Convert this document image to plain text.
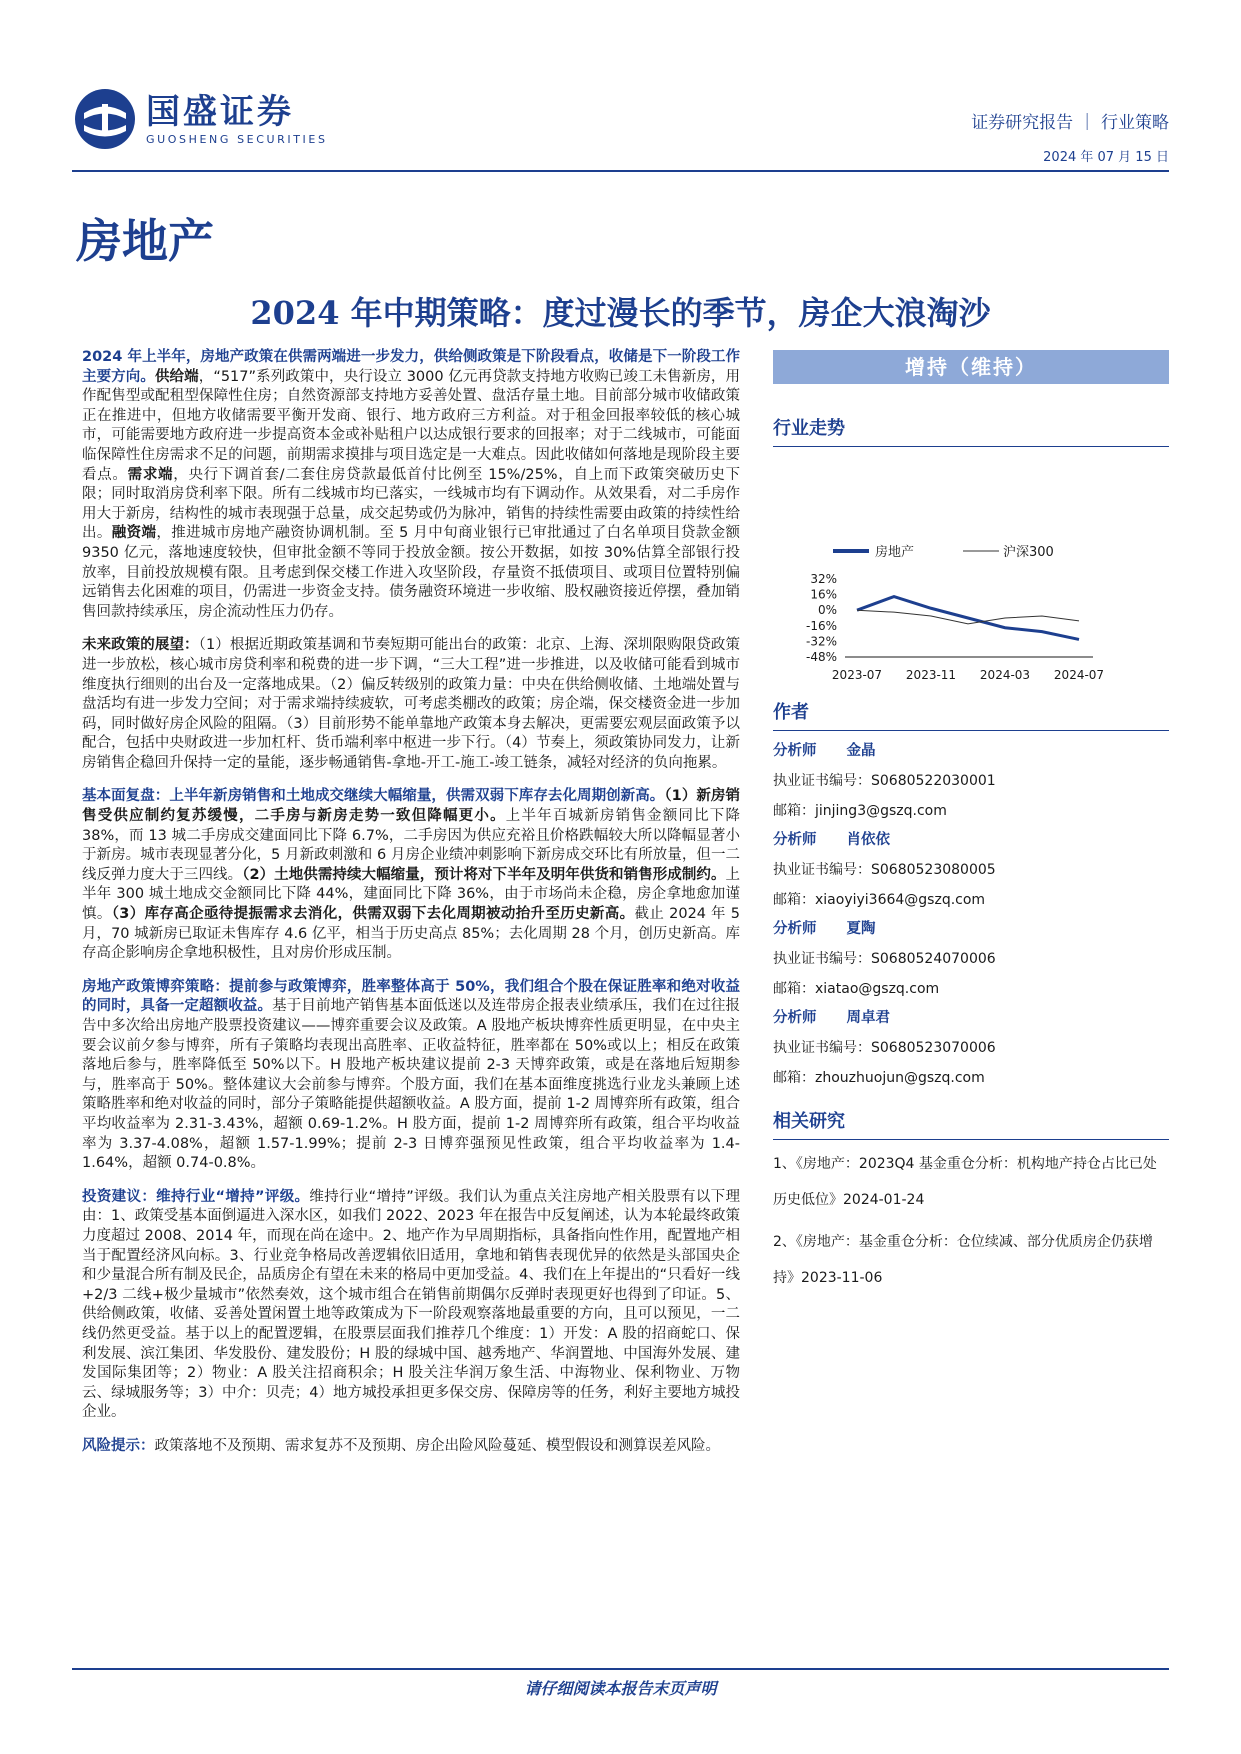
国盛证券
GUOSHENG SECURITIES
证券研究报告 ｜ 行业策略
2024 年 07 月 15 日
房地产
2024 年中期策略：度过漫长的季节，房企大浪淘沙

2024 年上半年，房地产政策在供需两端进一步发力，供给侧政策是下阶段看点，收储是下一阶段工作主要方向。供给端，“517”系列政策中，央行设立 3000 亿元再贷款支持地方收购已竣工未售新房，用作配售型或配租型保障性住房；自然资源部支持地方妥善处置、盘活存量土地。目前部分城市收储政策正在推进中，但地方收储需要平衡开发商、银行、地方政府三方利益。对于租金回报率较低的核心城市，可能需要地方政府进一步提高资本金或补贴租户以达成银行要求的回报率；对于二线城市，可能面临保障性住房需求不足的问题，前期需求摸排与项目选定是一大难点。因此收储如何落地是现阶段主要看点。需求端，央行下调首套/二套住房贷款最低首付比例至 15%/25%，自上而下政策突破历史下限；同时取消房贷利率下限。所有二线城市均已落实，一线城市均有下调动作。从效果看，对二手房作用大于新房，结构性的城市表现强于总量，成交起势或仍为脉冲，销售的持续性需要由政策的持续性给出。融资端，推进城市房地产融资协调机制。至 5 月中旬商业银行已审批通过了白名单项目贷款金额 9350 亿元，落地速度较快，但审批金额不等同于投放金额。按公开数据，如按 30%估算全部银行投放率，目前投放规模有限。且考虑到保交楼工作进入攻坚阶段，存量资不抵债项目、或项目位置特别偏远销售去化困难的项目，仍需进一步资金支持。债务融资环境进一步收缩、股权融资接近停摆，叠加销售回款持续承压，房企流动性压力仍存。

未来政策的展望：（1）根据近期政策基调和节奏短期可能出台的政策：北京、上海、深圳限购限贷政策进一步放松，核心城市房贷利率和税费的进一步下调，“三大工程”进一步推进，以及收储可能看到城市维度执行细则的出台及一定落地成果。（2）偏反转级别的政策力量：中央在供给侧收储、土地端处置与盘活均有进一步发力空间；对于需求端持续疲软，可考虑类棚改的政策；房企端，保交楼资金进一步加码，同时做好房企风险的阻隔。（3）目前形势不能单靠地产政策本身去解决，更需要宏观层面政策予以配合，包括中央财政进一步加杠杆、货币端利率中枢进一步下行。（4）节奏上，须政策协同发力，让新房销售企稳回升保持一定的量能，逐步畅通销售-拿地-开工-施工-竣工链条，减轻对经济的负向拖累。

基本面复盘：上半年新房销售和土地成交继续大幅缩量，供需双弱下库存去化周期创新高。（1）新房销售受供应制约复苏缓慢，二手房与新房走势一致但降幅更小。上半年百城新房销售金额同比下降 38%，而 13 城二手房成交建面同比下降 6.7%，二手房因为供应充裕且价格跌幅较大所以降幅显著小于新房。城市表现显著分化，5 月新政刺激和 6 月房企业绩冲刺影响下新房成交环比有所放量，但一二线反弹力度大于三四线。（2）土地供需持续大幅缩量，预计将对下半年及明年供货和销售形成制约。上半年 300 城土地成交金额同比下降 44%，建面同比下降 36%，由于市场尚未企稳，房企拿地愈加谨慎。（3）库存高企亟待提振需求去消化，供需双弱下去化周期被动抬升至历史新高。截止 2024 年 5 月，70 城新房已取证未售库存 4.6 亿平，相当于历史高点 85%；去化周期 28 个月，创历史新高。库存高企影响房企拿地积极性，且对房价形成压制。

房地产政策博弈策略：提前参与政策博弈，胜率整体高于 50%，我们组合个股在保证胜率和绝对收益的同时，具备一定超额收益。基于目前地产销售基本面低迷以及连带房企报表业绩承压，我们在过往报告中多次给出房地产股票投资建议——博弈重要会议及政策。A 股地产板块博弈性质更明显，在中央主要会议前夕参与博弈，所有子策略均表现出高胜率、正收益特征，胜率都在 50%或以上；相反在政策落地后参与，胜率降低至 50%以下。H 股地产板块建议提前 2-3 天博弈政策，或是在落地后短期参与，胜率高于 50%。整体建议大会前参与博弈。个股方面，我们在基本面维度挑选行业龙头兼顾上述策略胜率和绝对收益的同时，部分子策略能提供超额收益。A 股方面，提前 1-2 周博弈所有政策，组合平均收益率为 2.31-3.43%，超额 0.69-1.2%。H 股方面，提前 1-2 周博弈所有政策，组合平均收益率为 3.37-4.08%，超额 1.57-1.99%；提前 2-3 日博弈强预见性政策，组合平均收益率为 1.4-1.64%，超额 0.74-0.8%。

投资建议：维持行业“增持”评级。维持行业“增持”评级。我们认为重点关注房地产相关股票有以下理由：1、政策受基本面倒逼进入深水区，如我们 2022、2023 年在报告中反复阐述，认为本轮最终政策力度超过 2008、2014 年，而现在尚在途中。2、地产作为早周期指标，具备指向性作用，配置地产相当于配置经济风向标。3、行业竞争格局改善逻辑依旧适用，拿地和销售表现优异的依然是头部国央企和少量混合所有制及民企，品质房企有望在未来的格局中更加受益。4、我们在上年提出的“只看好一线+2/3 二线+极少量城市”依然奏效，这个城市组合在销售前期偶尔反弹时表现更好也得到了印证。5、供给侧政策，收储、妥善处置闲置土地等政策成为下一阶段观察落地最重要的方向，且可以预见，一二线仍然更受益。基于以上的配置逻辑，在股票层面我们推荐几个维度：1）开发：A 股的招商蛇口、保利发展、滨江集团、华发股份、建发股份；H 股的绿城中国、越秀地产、华润置地、中国海外发展、建发国际集团等；2）物业：A 股关注招商积余；H 股关注华润万象生活、中海物业、保利物业、万物云、绿城服务等；3）中介：贝壳；4）地方城投承担更多保交房、保障房等的任务，利好主要地方城投企业。

风险提示：政策落地不及预期、需求复苏不及预期、房企出险风险蔓延、模型假设和测算误差风险。

增持（维持）
行业走势
房地产	沪深300
32%
16%
0%
-16%
-32%
-48%
2023-07 2023-11 2024-03 2024-07
作者
分析师 金晶
执业证书编号：S0680522030001
邮箱：jinjing3@gszq.com
分析师 肖依依
执业证书编号：S0680523080005
邮箱：xiaoyiyi3664@gszq.com
分析师 夏陶
执业证书编号：S0680524070006
邮箱：xiatao@gszq.com
分析师 周卓君
执业证书编号：S0680523070006
邮箱：zhouzhuojun@gszq.com
相关研究
1、《房地产：2023Q4 基金重仓分析：机构地产持仓占比已处历史低位》2024-01-24
2、《房地产：基金重仓分析：仓位续减、部分优质房企仍获增持》2023-11-06
请仔细阅读本报告末页声明
